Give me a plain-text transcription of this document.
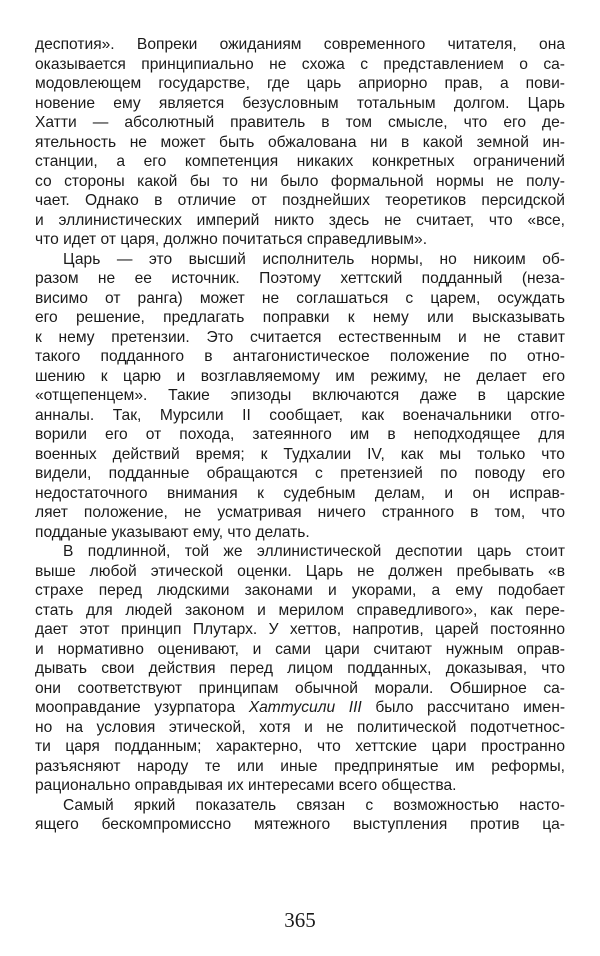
деспотия». Вопреки ожиданиям современного читателя, она
оказывается принципиально не схожа с представлением о са-
модовлеющем государстве, где царь априорно прав, а пови-
новение ему является безусловным тотальным долгом. Царь
Хатти — абсолютный правитель в том смысле, что его де-
ятельность не может быть обжалована ни в какой земной ин-
станции, а его компетенция никаких конкретных ограничений
со стороны какой бы то ни было формальной нормы не полу-
чает. Однако в отличие от позднейших теоретиков персидской
и эллинистических империй никто здесь не считает, что «все,
что идет от царя, должно почитаться справедливым».
Царь — это высший исполнитель нормы, но никоим об-
разом не ее источник. Поэтому хеттский подданный (неза-
висимо от ранга) может не соглашаться с царем, осуждать
его решение, предлагать поправки к нему или высказывать
к нему претензии. Это считается естественным и не ставит
такого подданного в антагонистическое положение по отно-
шению к царю и возглавляемому им режиму, не делает его
«отщепенцем». Такие эпизоды включаются даже в царские
анналы. Так, Мурсили II сообщает, как военачальники отго-
ворили его от похода, затеянного им в неподходящее для
военных действий время; к Тудхалии IV, как мы только что
видели, подданные обращаются с претензией по поводу его
недостаточного внимания к судебным делам, и он исправ-
ляет положение, не усматривая ничего странного в том, что
подданые указывают ему, что делать.
В подлинной, той же эллинистической деспотии царь стоит
выше любой этической оценки. Царь не должен пребывать «в
страхе перед людскими законами и укорами, а ему подобает
стать для людей законом и мерилом справедливого», как пере-
дает этот принцип Плутарх. У хеттов, напротив, царей постоянно
и нормативно оценивают, и сами цари считают нужным оправ-
дывать свои действия перед лицом подданных, доказывая, что
они соответствуют принципам обычной морали. Обширное са-
мооправдание узурпатора Хаттусили III было рассчитано имен-
но на условия этической, хотя и не политической подотчетнос-
ти царя подданным; характерно, что хеттские цари пространно
разъясняют народу те или иные предпринятые им реформы,
рационально оправдывая их интересами всего общества.
Самый яркий показатель связан с возможностью насто-
ящего бескомпромиссно мятежного выступления против ца-
365
